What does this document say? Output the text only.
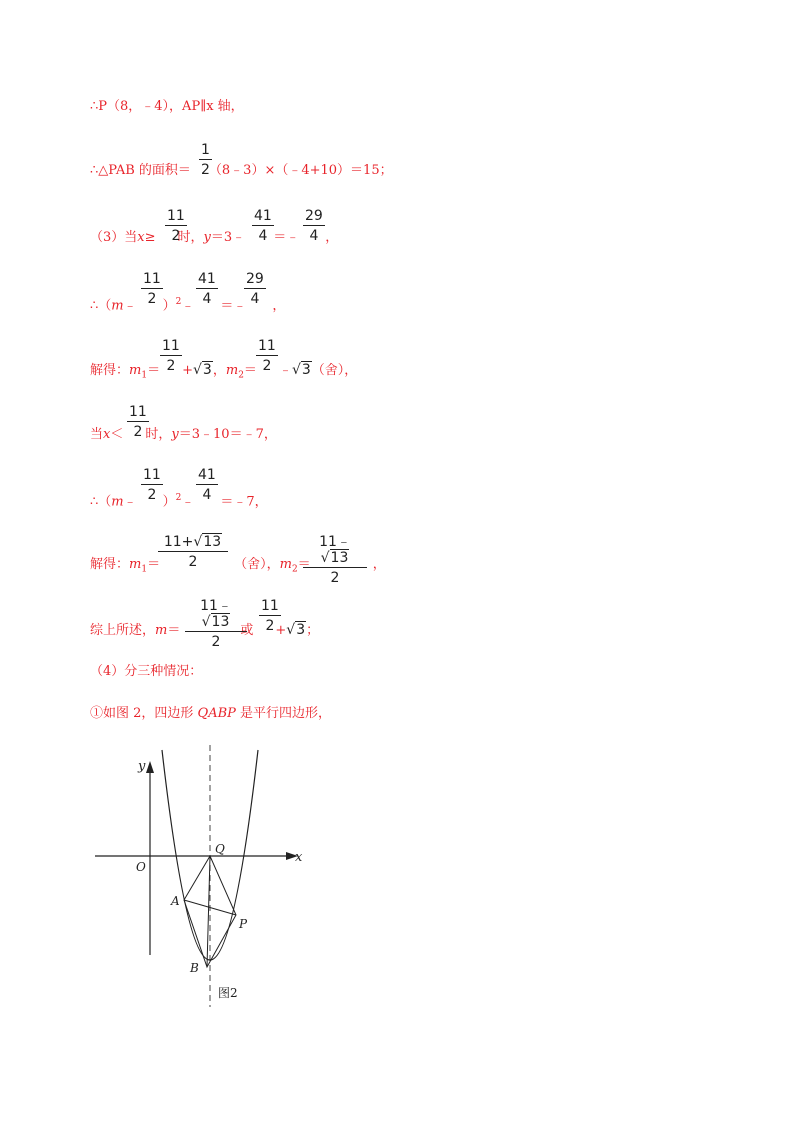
∴P（8，﹣4），AP∥x 轴，
∴△PAB 的面积＝ （8﹣3）×（﹣4+10）＝15；
$\frac{1}{2}$
（3）当x≥ 时，y＝3﹣ ＝﹣ ，
$\frac{11}{2}$	$\frac{41}{4} \frac{29}{4}$
∴（m﹣ ）$^2$﹣ ＝﹣ ，
$\frac{11}{2} \frac{41}{4} \frac{29}{4}$
解得：$m_1= +√3$，$m_2=$ ﹣√3（舍），
$\frac{11}{2}$	$\frac{11}{2}$
当x＜ 时，y＝3﹣10＝﹣7，
$\frac{11}{2}$
∴（m﹣ ）$^2$﹣ ＝﹣7，
$\frac{11}{2} \frac{41}{4}$
解得：$m_1=$	（舍），$m_2=$	，
$\frac{11+√13}{2}$	$\frac{11﹣√13}{2}$
综上所述，m＝	或 +√3；
$\frac{11﹣√13}{2} \frac{11}{2}$
（4）分三种情况：
①如图 2，四边形 QABP 是平行四边形，
y
x
O
Q
A
P
B
图2
